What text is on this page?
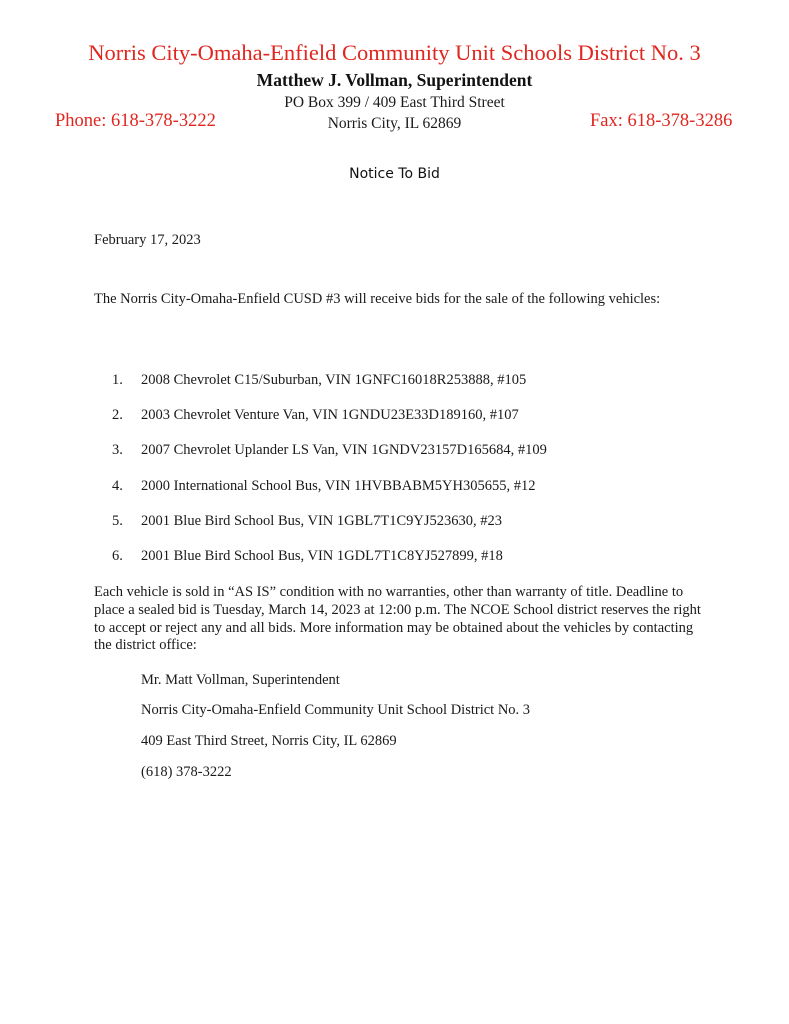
Norris City-Omaha-Enfield Community Unit Schools District No. 3
Matthew J. Vollman, Superintendent
PO Box 399 / 409 East Third Street
Norris City, IL 62869
Phone: 618-378-3222	Fax: 618-378-3286
Notice To Bid
February 17, 2023
The Norris City-Omaha-Enfield CUSD #3 will receive bids for the sale of the following vehicles:
1. 2008 Chevrolet C15/Suburban, VIN 1GNFC16018R253888, #105
2. 2003 Chevrolet Venture Van, VIN 1GNDU23E33D189160, #107
3. 2007 Chevrolet Uplander LS Van, VIN 1GNDV23157D165684, #109
4. 2000 International School Bus, VIN 1HVBBABM5YH305655, #12
5. 2001 Blue Bird School Bus, VIN 1GBL7T1C9YJ523630, #23
6. 2001 Blue Bird School Bus, VIN 1GDL7T1C8YJ527899, #18
Each vehicle is sold in “AS IS” condition with no warranties, other than warranty of title. Deadline to place a sealed bid is Tuesday, March 14, 2023 at 12:00 p.m. The NCOE School district reserves the right to accept or reject any and all bids. More information may be obtained about the vehicles by contacting the district office:
Mr. Matt Vollman, Superintendent
Norris City-Omaha-Enfield Community Unit School District No. 3
409 East Third Street, Norris City, IL 62869
(618) 378-3222
